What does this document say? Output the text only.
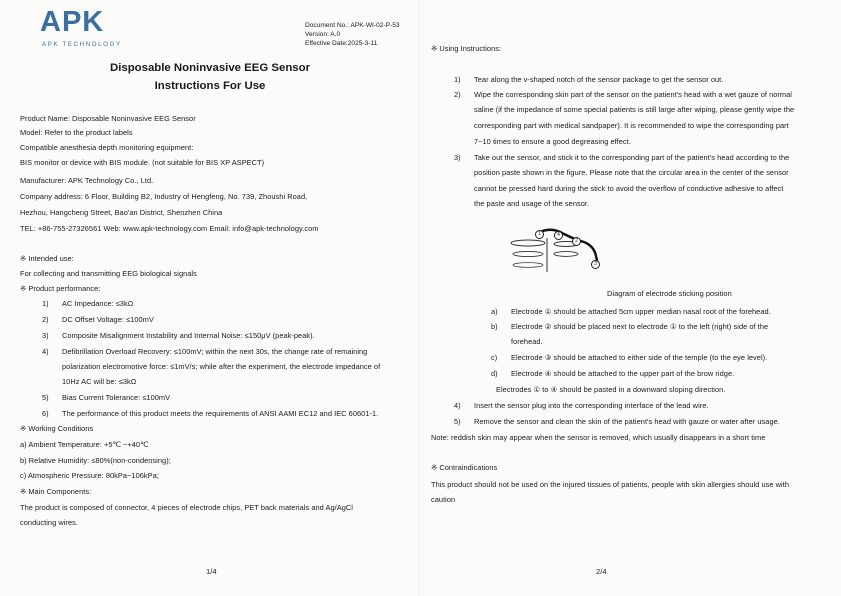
APK
APK TECHNOLOGY
Document No.: APK-WI-02-P-53
Version: A.0
Effective Date:2025-3-11
Disposable Noninvasive EEG Sensor
Instructions For Use
Product Name: Disposable Noninvasive EEG Sensor
Model: Refer to the product labels
Compatible anesthesia depth monitoring equipment:
BIS monitor or device with BIS module. (not suitable for BIS XP ASPECT)
Manufacturer: APK Technology Co., Ltd.
Company address: 6 Floor, Building B2, Industry of Hengfeng, No. 739, Zhoushi Road,
Hezhou, Hangcheng Street, Bao'an District, Shenzhen China
TEL: +86-755-27326561 Web: www.apk-technology.com Email: info@apk-technology.com
※ Intended use:
For collecting and transmitting EEG biological signals
※ Product performance:
1) AC Impedance: ≤3kΩ
2) DC Offset Voltage: ≤100mV
3) Composite Misalignment Instability and Internal Noise: ≤150μV (peak-peak).
4) Defibrillation Overload Recovery: ≤100mV; within the next 30s, the change rate of remaining
polarization electromotive force: ≤1mV/s; while after the experiment, the electrode impedance of
10Hz AC will be: ≤3kΩ
5) Bias Current Tolerance: ≤100mV
6) The performance of this product meets the requirements of ANSI AAMI EC12 and IEC 60601-1.
※ Working Conditions
a) Ambient Temperature: +5℃ ~+40℃
b) Relative Humidity: ≤80%(non-condensing);
c) Atmospheric Pressure: 80kPa~106kPa;
※ Main Components:
The product is composed of connector, 4 pieces of electrode chips, PET back materials and Ag/AgCl
conducting wires.
1/4
※ Using Instructions:
1) Tear along the v-shaped notch of the sensor package to get the sensor out.
2) Wipe the corresponding skin part of the sensor on the patient's head with a wet gauze of normal
saline (if the impedance of some special patients is still large after wiping, please gently wipe the
corresponding part with medical sandpaper). It is recommended to wipe the corresponding part
7~10 times to ensure a good degreasing effect.
3) Take out the sensor, and stick it to the corresponding part of the patient's head according to the
position paste shown in the figure. Please note that the circular area in the center of the sensor
cannot be pressed hard during the stick to avoid the overflow of conductive adhesive to affect
the paste and usage of the sensor.
1	4
2
3
Diagram of electrode sticking position
a) Electrode ① should be attached 5cm upper median nasal root of the forehead.
b) Electrode ② should be placed next to electrode ① to the left (right) side of the
forehead.
c) Electrode ③ should be attached to either side of the temple (to the eye level).
d) Electrode ④ should be attached to the upper part of the brow ridge.
Electrodes ① to ④ should be pasted in a downward sloping direction.
4) Insert the sensor plug into the corresponding interface of the lead wire.
5) Remove the sensor and clean the skin of the patient's head with gauze or water after usage.
Note: reddish skin may appear when the sensor is removed, which usually disappears in a short time
※ Contraindications
This product should not be used on the injured tissues of patients, people with skin allergies should use with
caution
2/4
